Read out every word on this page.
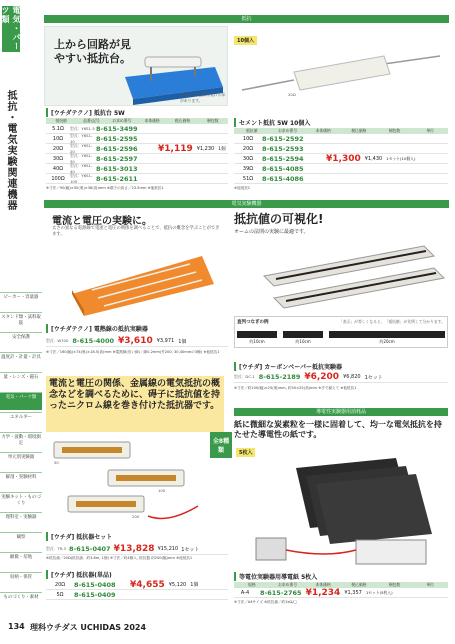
電気・パーツ類
抵抗・電気実験関連機器
ピーカー・容量器
スタンド類・試料取扱
安全保護
温度計・計量・計具
量・レンズ・磁石
電気・パーツ類
エネルギー
力学・波動・環境測定
単元別実験器
解剖・実験材料
実験キット・ものづくり
理科室・実験器
観察
顕微・培地
収納・保管
ものづくり・素材
134 理科ウチダス UCHIDAS 2024
抵抗
上から回路が見やすい抵抗台。
※抵抗器の色調は変わる事があります。
[ウチダテクノ] 抵抗台 5W
抵抗値	品番/記号	お求め番号	本体価格	税込価格	梱包数
5.1Ω	型式：Y6S1-5 8-615-3499
10Ω	型式：Y6S1-10	8-615-2595
20Ω	型式：Y6S1-20	8-615-2596	¥1,119 ¥1,230 1個
30Ω	型式：Y6S1-30	8-615-2597
40Ω	型式：Y6S1-40	8-615-3013
100Ω	型式：Y6S1-100	8-615-2611
※寸法／90(幅)×50(奥)×38(高)mm ※端子の高さ／23.5mm ※他抵抗1
10個入
20Ω
セメント抵抗 5W 10個入
抵抗値	お求め番号	本体価格	税込価格	梱包数	単位
10Ω	8-615-2592
20Ω	8-615-2593
30Ω	8-615-2594	¥1,300 ¥1,430 1セット(10個入)
39Ω	8-615-4085
51Ω	8-615-4086
※他抵抗1
電気実験機器
電流と電圧の実験に。
太さの異なる電熱線で電流と電圧の関係を調べることで、抵抗の概念を学ぶことができます。
[ウチダテクノ] 電熱線の抵抗実験器
型式：W700 8-615-4000 ¥3,610 ¥3,971 1個
※寸法／160(幅)×74(奥)×18.5(高)mm ※電熱線(長い線)／線0.2mm(外200, 30,40mmの3種) ※他抵抗1
抵抗値の可視化!
オームの法則の実験に最適です。
直列つなぎの例	「表示」が等しくなると、「抵抗値」が比例して分かります。
約10cm	約10cm	約20cm
[ウチダ] カーボンペーパー抵抗実験器
型式：DC-1 8-615-2189 ¥6,200 ¥6,820 1セット
※寸法／約100(幅)×25(奥)mm, 約50×25(高)mm ※手で揃えて ※他抵抗1
電流と電圧の関係、金属線の電気抵抗の概念などを調べるために、碍子に抵抗値を持ったニクロム線を巻き付けた抵抗器です。
全8種類
50
100
200
[ウチダ] 抵抗器セット
型式：TR-3 8-615-0407 ¥13,828 ¥15,210 1セット
※抵抗値／20Ω(抵抗値：約3.6m, 1個) ※寸法／約4個入, 抵抗器 約200(幅)mm ※他抵抗1
[ウチダ] 抵抗器(単品)
20Ω	8-615-0408	¥4,655 ¥5,120 1個
5Ω	8-615-0409
導電性実験器用消耗品
紙に微細な炭素粒を一様に固着して、均一な電気抵抗を持たせた導電性の紙です。
5枚入
等電位実験器用導電紙 5枚入
規格	お求め番号	本体価格	税込価格	梱包数	単位
A-4	8-615-2765 ¥1,234 ¥1,357 1セット(5枚入)
※寸法／A4サイズ ※抵抗値／約1kΩ/□
